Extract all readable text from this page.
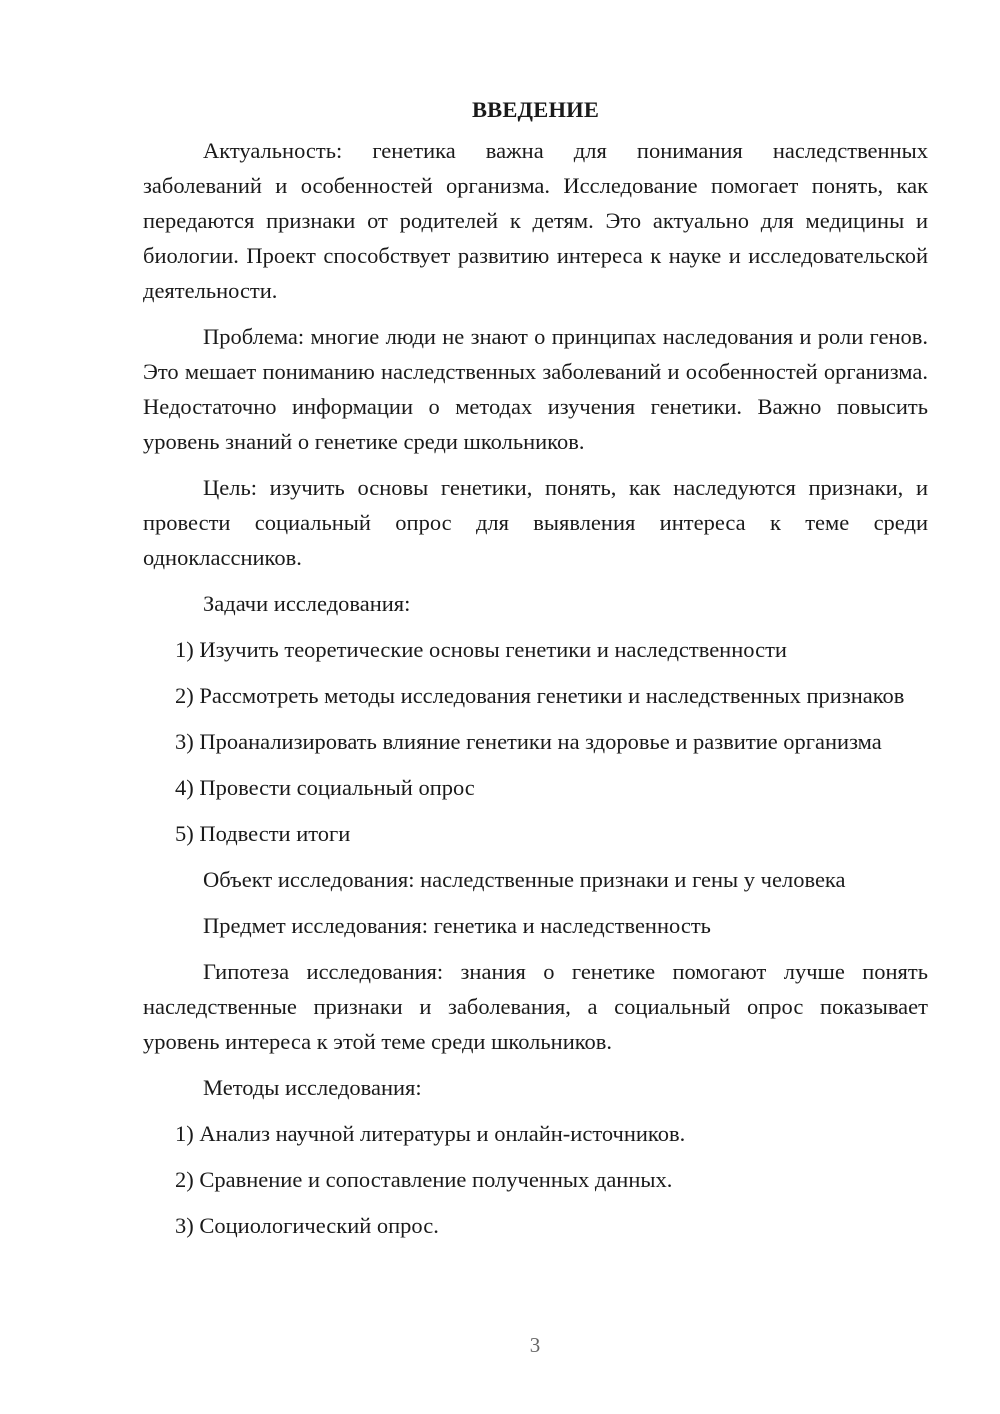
ВВЕДЕНИЕ

Актуальность: генетика важна для понимания наследственных заболеваний и особенностей организма. Исследование помогает понять, как передаются признаки от родителей к детям. Это актуально для медицины и биологии. Проект способствует развитию интереса к науке и исследовательской деятельности.

Проблема: многие люди не знают о принципах наследования и роли генов. Это мешает пониманию наследственных заболеваний и особенностей организма. Недостаточно информации о методах изучения генетики. Важно повысить уровень знаний о генетике среди школьников.

Цель: изучить основы генетики, понять, как наследуются признаки, и провести социальный опрос для выявления интереса к теме среди одноклассников.

Задачи исследования:

1) Изучить теоретические основы генетики и наследственности

2) Рассмотреть методы исследования генетики и наследственных признаков

3) Проанализировать влияние генетики на здоровье и развитие организма

4) Провести социальный опрос

5) Подвести итоги

Объект исследования: наследственные признаки и гены у человека

Предмет исследования: генетика и наследственность

Гипотеза исследования: знания о генетике помогают лучше понять наследственные признаки и заболевания, а социальный опрос показывает уровень интереса к этой теме среди школьников.

Методы исследования:

1) Анализ научной литературы и онлайн-источников.

2) Сравнение и сопоставление полученных данных.

3) Социологический опрос.

3
